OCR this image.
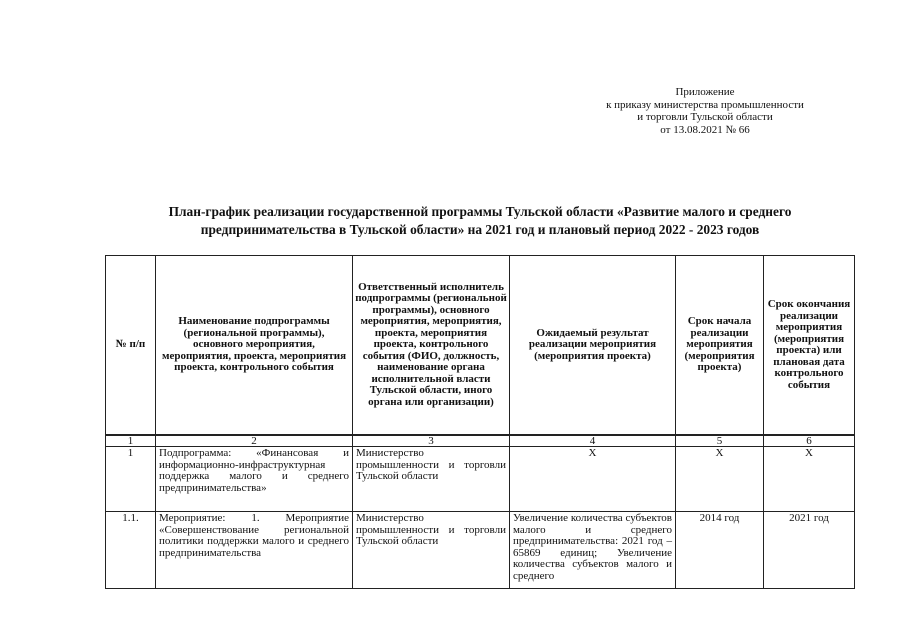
Приложение
к приказу министерства промышленности
и торговли Тульской области
от 13.08.2021 № 66
План-график реализации государственной программы Тульской области «Развитие малого и среднего
предпринимательства в Тульской области» на 2021 год и плановый период 2022 - 2023 годов
№ п/п	Наименование подпрограммы (региональной программы), основного мероприятия, мероприятия, проекта, мероприятия проекта, контрольного события	Ответственный исполнитель подпрограммы (региональной программы), основного мероприятия, мероприятия, проекта, мероприятия проекта, контрольного события (ФИО, должность, наименование органа исполнительной власти Тульской области, иного органа или организации)	Ожидаемый результат реализации мероприятия (мероприятия проекта)	Срок начала реализации мероприятия (мероприятия проекта)	Срок окончания реализации мероприятия (мероприятия проекта) или плановая дата контрольного события
1	2	3	4	5	6
1	Подпрограмма: «Финансовая и информационно-инфраструктурная поддержка малого и среднего предпринимательства»	Министерство промышленности и торговли Тульской области	Х	Х	Х
1.1.	Мероприятие: 1. Мероприятие «Совершенствование региональной политики поддержки малого и среднего предпринимательства	Министерство промышленности и торговли Тульской области	Увеличение количества субъектов малого и среднего предпринимательства: 2021 год – 65869 единиц; Увеличение количества субъектов малого и среднего	2014 год	2021 год
